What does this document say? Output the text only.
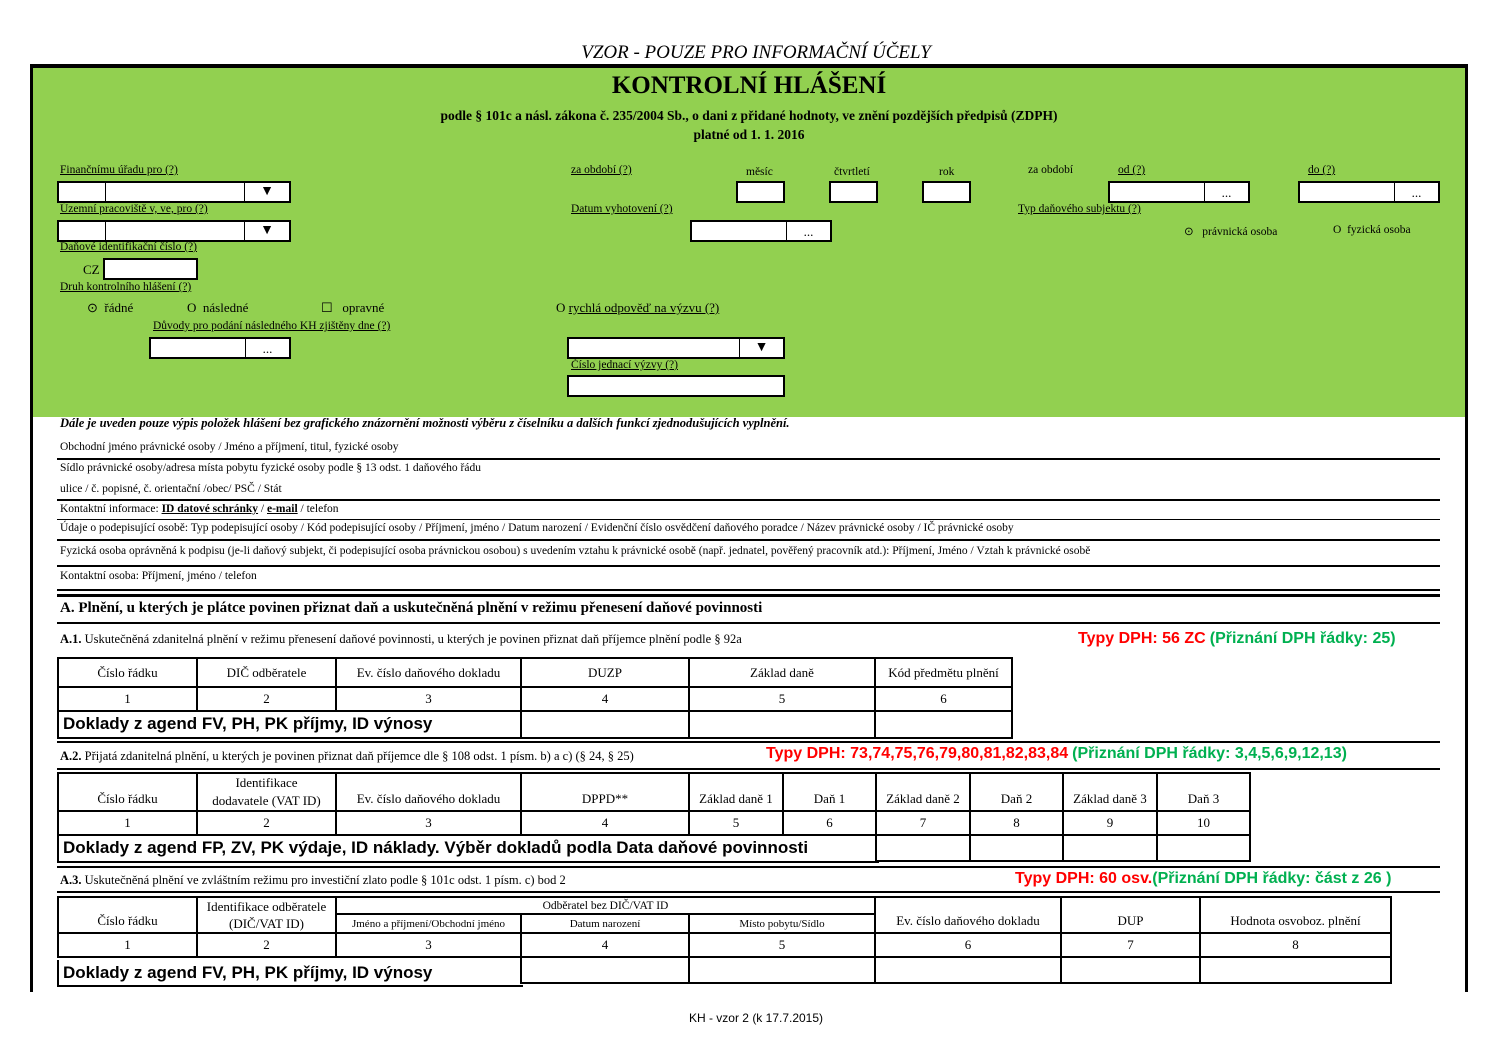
VZOR - POUZE PRO INFORMAČNÍ ÚČELY
KONTROLNÍ HLÁŠENÍ
podle § 101c a násl. zákona č. 235/2004 Sb., o dani z přidané hodnoty, ve znění pozdějších předpisů (ZDPH)
platné od 1. 1. 2016
Finančnímu úřadu pro (?)
▼
Územní pracoviště v, ve, pro (?)
▼
Daňové identifikační číslo (?)
CZ
Druh kontrolního hlášení (?)
⊙ řádné	O následné	☐ opravné
Důvody pro podání následného KH zjištěny dne (?)
...
za období (?)	měsíc	čtvrtletí	rok
Datum vyhotovení (?)
...
O rychlá odpověď na výzvu (?)
▼
Číslo jednací výzvy (?)
za období	od (?)
...
do (?)
...
Typ daňového subjektu (?)
⊙ právnická osoba	O fyzická osoba
Dále je uveden pouze výpis položek hlášení bez grafického znázornění možnosti výběru z číselníku a dalších funkcí zjednodušujících vyplnění.
Obchodní jméno právnické osoby / Jméno a příjmení, titul, fyzické osoby
Sídlo právnické osoby/adresa místa pobytu fyzické osoby podle § 13 odst. 1 daňového řádu
ulice / č. popisné, č. orientační /obec/ PSČ / Stát
Kontaktní informace: ID datové schránky / e-mail / telefon
Údaje o podepisující osobě: Typ podepisující osoby / Kód podepisující osoby / Příjmení, jméno / Datum narození / Evidenční číslo osvědčení daňového poradce / Název právnické osoby / IČ právnické osoby
Fyzická osoba oprávněná k podpisu (je-li daňový subjekt, či podepisující osoba právnickou osobou) s uvedením vztahu k právnické osobě (např. jednatel, pověřený pracovník atd.): Příjmení, Jméno / Vztah k právnické osobě
Kontaktní osoba: Příjmení, jméno / telefon
A. Plnění, u kterých je plátce povinen přiznat daň a uskutečněná plnění v režimu přenesení daňové povinnosti
A.1. Uskutečněná zdanitelná plnění v režimu přenesení daňové povinnosti, u kterých je povinen přiznat daň příjemce plnění podle § 92a	Typy DPH: 56 ZC (Přiznání DPH řádky: 25)
Číslo řádku	DIČ odběratele	Ev. číslo daňového dokladu	DUZP	Základ daně	Kód předmětu plnění
1	2	3	4	5	6

Doklady z agend FV, PH, PK příjmy, ID výnosy
A.2. Přijatá zdanitelná plnění, u kterých je povinen přiznat daň příjemce dle § 108 odst. 1 písm. b) a c) (§ 24, § 25)	Typy DPH: 73,74,75,76,79,80,81,82,83,84 (Přiznání DPH řádky: 3,4,5,6,9,12,13)
Číslo řádku	Identifikace
dodavatele (VAT ID)	Ev. číslo daňového dokladu	DPPD**	Základ daně 1	Daň 1	Základ daně 2	Daň 2	Základ daně 3	Daň 3
1	2	3	4	5	6	7	8	9	10

Doklady z agend FP, ZV, PK výdaje, ID náklady. Výběr dokladů podla Data daňové povinnosti
A.3. Uskutečněná plnění ve zvláštním režimu pro investiční zlato podle § 101c odst. 1 písm. c) bod 2	Typy DPH: 60 osv.(Přiznání DPH řádky: část z 26 )
Číslo řádku	Identifikace odběratele
(DIČ/VAT ID)	Odběratel bez DIČ/VAT ID			Ev. číslo daňového dokladu	DUP	Hodnota osvoboz. plnění
		Jméno a příjmení/Obchodní jméno	Datum narození	Místo pobytu/Sídlo			
1	2	3	4	5	6	7	8

Doklady z agend FV, PH, PK příjmy, ID výnosy
KH - vzor 2 (k 17.7.2015)
